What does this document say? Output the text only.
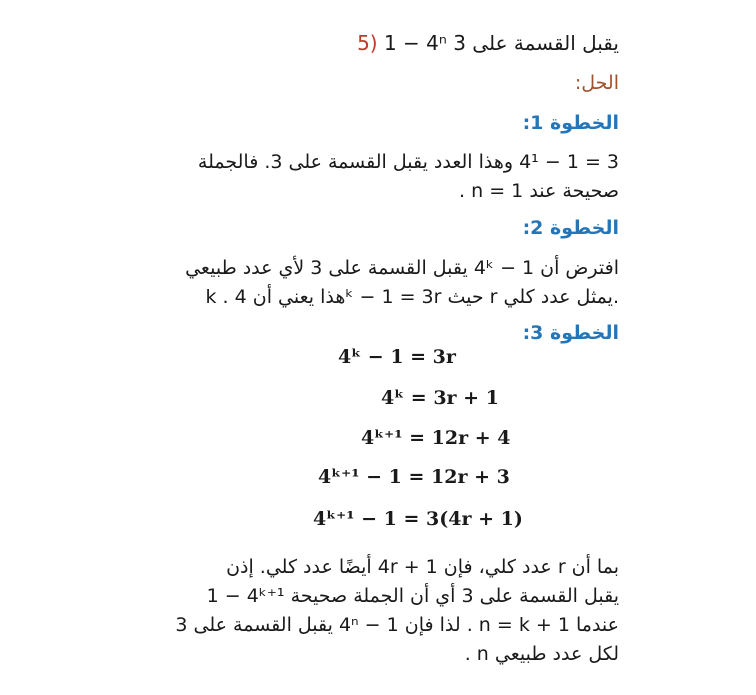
5) 1 − 4ⁿ يقبل القسمة على 3
الحل:
الخطوة 1:
3 = 1 − 4¹ وهذا العدد يقبل القسمة على 3. فالجملة
صحيحة عند n = 1 .
الخطوة 2:
افترض أن 1 − 4ᵏ يقبل القسمة على 3 لأي عدد طبيعي
k . هذا يعني أن 4ᵏ − 1 = 3r حيث r يمثل عدد كلي.
الخطوة 3:
4ᵏ − 1 = 3r
4ᵏ = 3r + 1
4ᵏ⁺¹ = 12r + 4
4ᵏ⁺¹ − 1 = 12r + 3
4ᵏ⁺¹ − 1 = 3(4r + 1)
بما أن r عدد كلي، فإن 4r + 1 أيضًا عدد كلي. إذن
1 − 4ᵏ⁺¹ يقبل القسمة على 3 أي أن الجملة صحيحة
عندما n = k + 1 . لذا فإن 4ⁿ − 1 يقبل القسمة على 3
لكل عدد طبيعي n .
